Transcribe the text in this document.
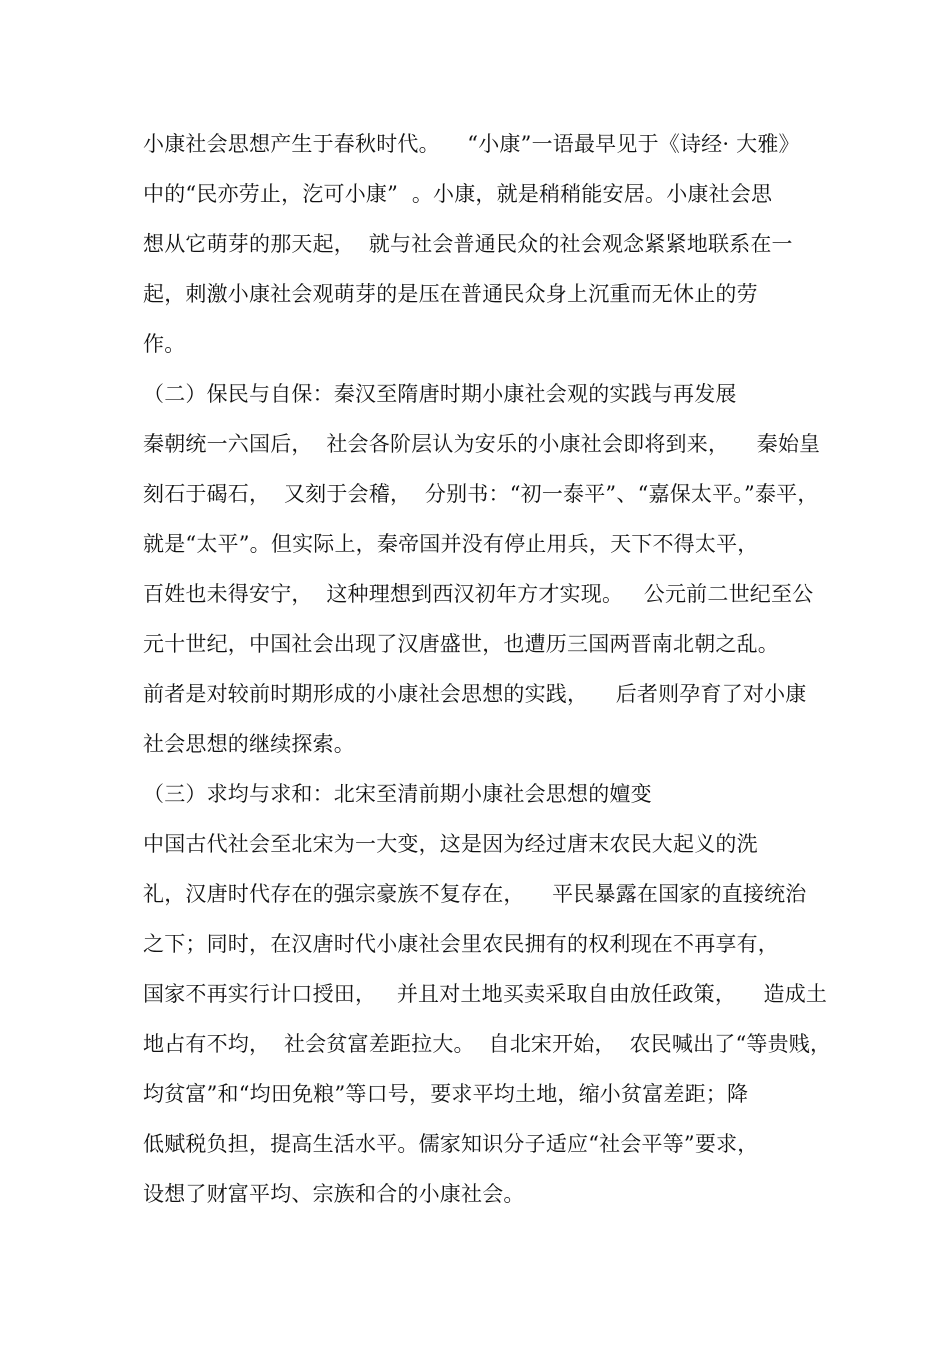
小康社会思想产生于春秋时代。    “小康”一语最早见于《诗经· 大雅》
中的“民亦劳止，汔可小康”  。小康，就是稍稍能安居。小康社会思
想从它萌芽的那天起，  就与社会普通民众的社会观念紧紧地联系在一
起，刺激小康社会观萌芽的是压在普通民众身上沉重而无休止的劳
作。
（二）保民与自保：秦汉至隋唐时期小康社会观的实践与再发展
秦朝统一六国后，  社会各阶层认为安乐的小康社会即将到来，    秦始皇
刻石于碣石，  又刻于会稽，  分别书：“初一泰平”、“嘉保太平。”泰平，
就是“太平”。但实际上，秦帝国并没有停止用兵，天下不得太平，
百姓也未得安宁，  这种理想到西汉初年方才实现。   公元前二世纪至公
元十世纪，中国社会出现了汉唐盛世，也遭历三国两晋南北朝之乱。
前者是对较前时期形成的小康社会思想的实践，    后者则孕育了对小康
社会思想的继续探索。
（三）求均与求和：北宋至清前期小康社会思想的嬗变
中国古代社会至北宋为一大变，这是因为经过唐末农民大起义的洗
礼，汉唐时代存在的强宗豪族不复存在，    平民暴露在国家的直接统治
之下；同时，在汉唐时代小康社会里农民拥有的权利现在不再享有，
国家不再实行计口授田，   并且对土地买卖采取自由放任政策，    造成土
地占有不均，  社会贫富差距拉大。  自北宋开始，  农民喊出了“等贵贱，
均贫富”和“均田免粮”等口号，要求平均土地，缩小贫富差距；降
低赋税负担，提高生活水平。儒家知识分子适应“社会平等”要求，
设想了财富平均、宗族和合的小康社会。
